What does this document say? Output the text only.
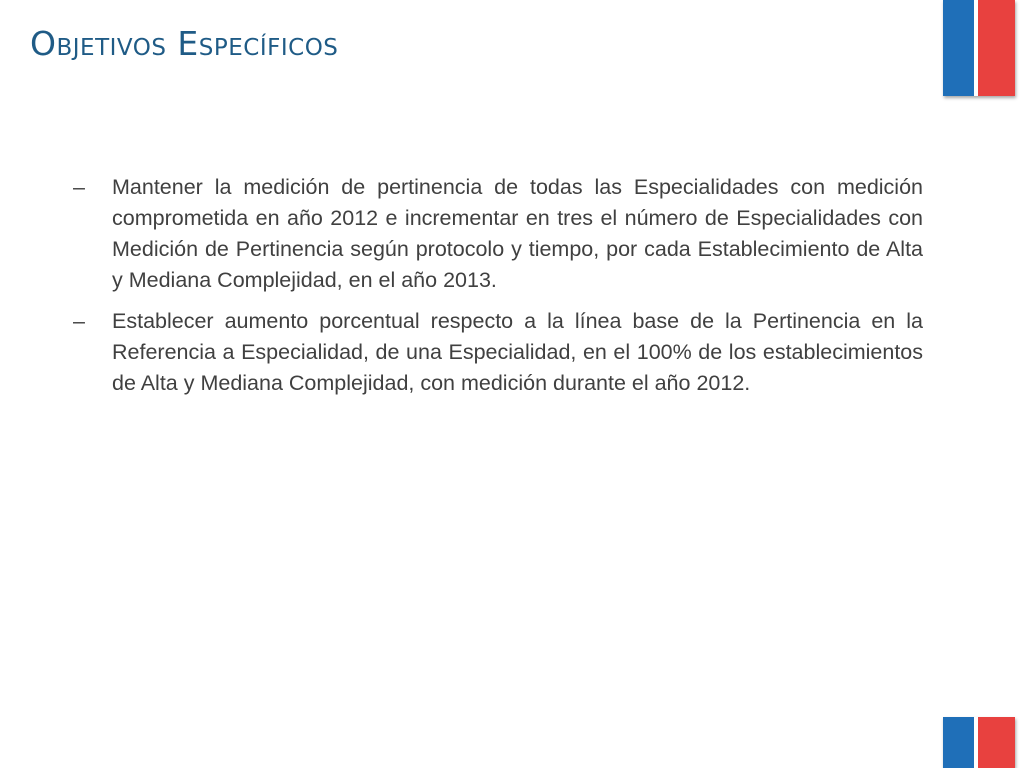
Objetivos Específicos

– Mantener la medición de pertinencia de todas las Especialidades con medición comprometida en año 2012 e incrementar en tres el número de Especialidades con Medición de Pertinencia según protocolo y tiempo, por cada Establecimiento de Alta y Mediana Complejidad, en el año 2013.

– Establecer aumento porcentual respecto a la línea base de la Pertinencia en la Referencia a Especialidad, de una Especialidad, en el 100% de los establecimientos de Alta y Mediana Complejidad, con medición durante el año 2012.
